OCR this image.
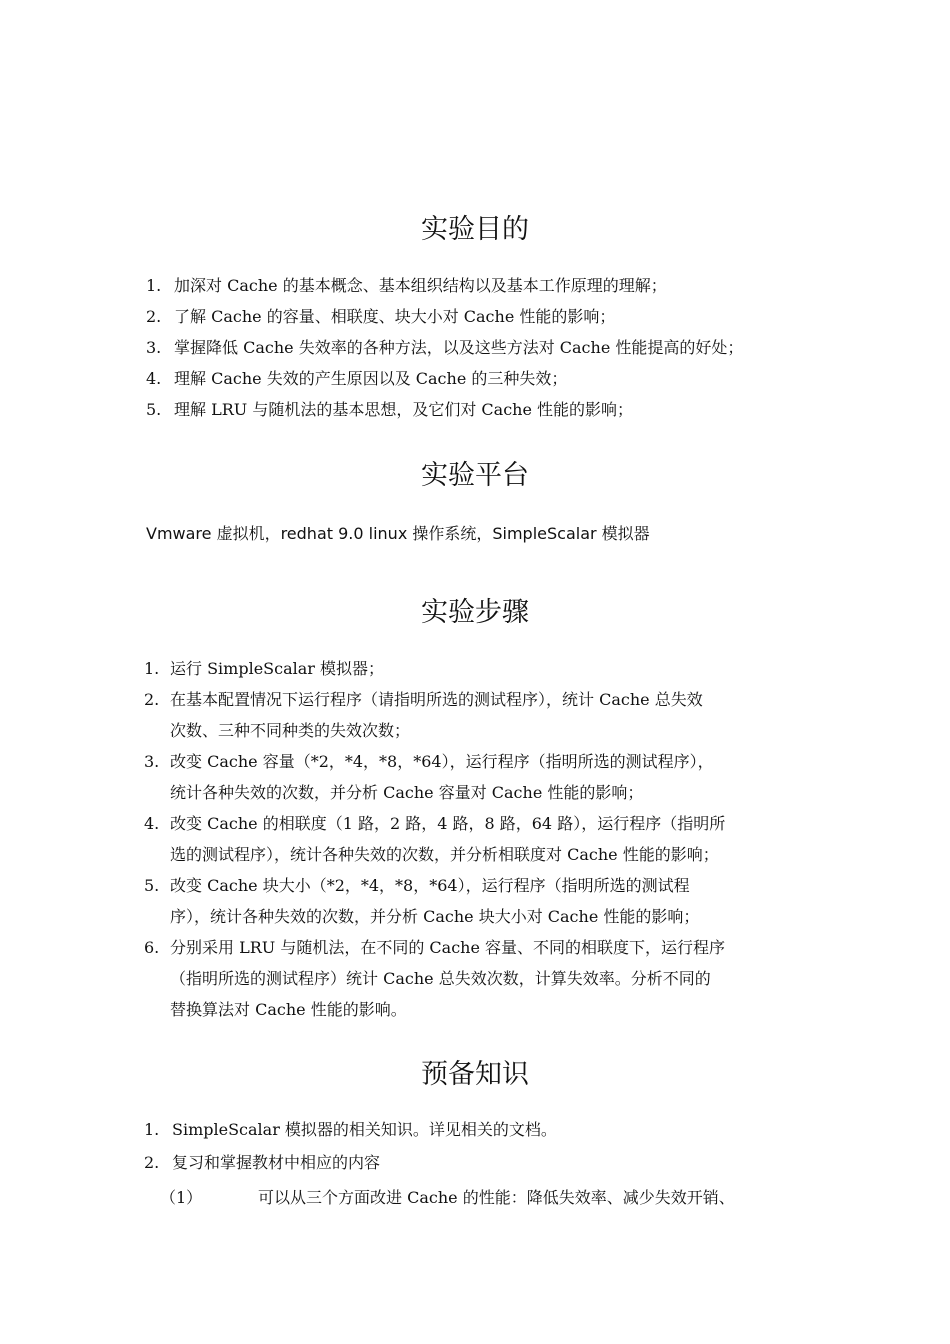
实验目的
1. 加深对 Cache 的基本概念、基本组织结构以及基本工作原理的理解；
2. 了解 Cache 的容量、相联度、块大小对 Cache 性能的影响；
3. 掌握降低 Cache 失效率的各种方法，以及这些方法对 Cache 性能提高的好处；
4. 理解 Cache 失效的产生原因以及 Cache 的三种失效；
5. 理解 LRU 与随机法的基本思想，及它们对 Cache 性能的影响；
实验平台

Vmware 虚拟机，redhat 9.0 linux 操作系统，SimpleScalar 模拟器

实验步骤
1. 运行 SimpleScalar 模拟器；
2. 在基本配置情况下运行程序（请指明所选的测试程序），统计 Cache 总失效
次数、三种不同种类的失效次数；
3. 改变 Cache 容量（*2，*4，*8，*64），运行程序（指明所选的测试程序），
统计各种失效的次数，并分析 Cache 容量对 Cache 性能的影响；
4. 改变 Cache 的相联度（1 路，2 路，4 路，8 路，64 路），运行程序（指明所
选的测试程序），统计各种失效的次数，并分析相联度对 Cache 性能的影响；
5. 改变 Cache 块大小（*2，*4，*8，*64），运行程序（指明所选的测试程
序），统计各种失效的次数，并分析 Cache 块大小对 Cache 性能的影响；
6. 分别采用 LRU 与随机法，在不同的 Cache 容量、不同的相联度下，运行程序
（指明所选的测试程序）统计 Cache 总失效次数，计算失效率。分析不同的
替换算法对 Cache 性能的影响。
预备知识
1. SimpleScalar 模拟器的相关知识。详见相关的文档。
2. 复习和掌握教材中相应的内容
（1）	可以从三个方面改进 Cache 的性能：降低失效率、减少失效开销、
